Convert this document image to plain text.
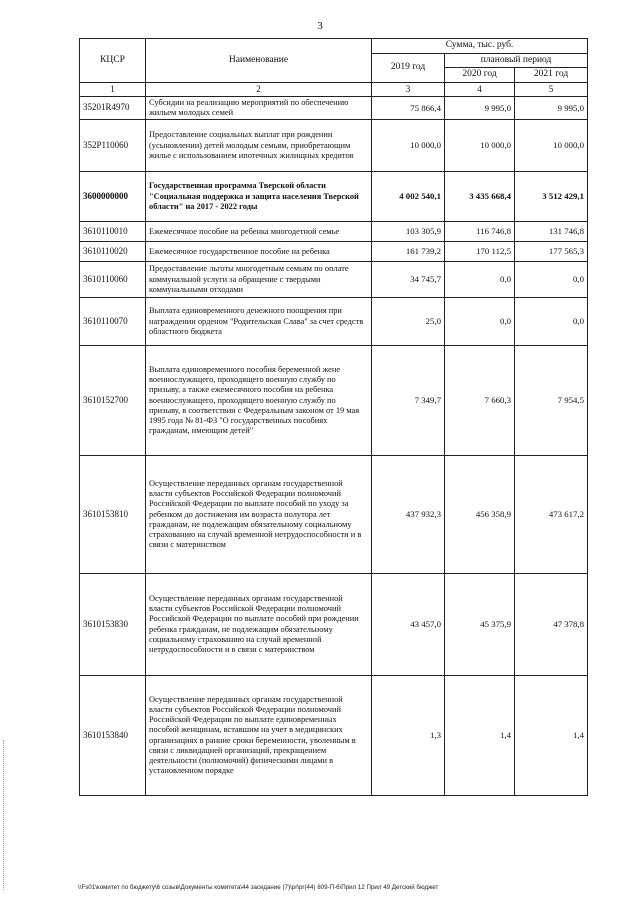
3
КЦСР	Наименование	Сумма, тыс. руб.		
		2019 год	плановый период	
			2020 год	2021 год
1	2	3	4	5
35201R4970	Субсидии на реализацию мероприятий по обеспечению жильем молодых семей	75 866,4	9 995,0	9 995,0
352P110060	Предоставление социальных выплат при рождении (усыновлении) детей молодым семьям, приобретающим жилье с использованием ипотечных жилищных кредитов	10 000,0	10 000,0	10 000,0
3600000000	Государственная программа Тверской области "Социальная поддержка и защита населения Тверской области" на 2017 - 2022 годы	4 002 540,1	3 435 668,4	3 512 429,1
3610110010	Ежемесячное пособие на ребенка многодетной семье	103 305,9	116 746,8	131 746,8
3610110020	Ежемесячное государственное пособие на ребенка	161 739,2	170 112,5	177 565,3
3610110060	Предоставление льготы многодетным семьям по оплате коммунальной услуги за обращение с твердыми коммунальными отходами	34 745,7	0,0	0,0
3610110070	Выплата единовременного денежного поощрения при награждении орденом "Родительская Слава" за счет средств областного бюджета	25,0	0,0	0,0
3610152700	Выплата единовременного пособия беременной жене военнослужащего, проходящего военную службу по призыву, а также ежемесячного пособия на ребенка военнослужащего, проходящего военную службу по призыву, в соответствии с Федеральным законом от 19 мая 1995 года № 81-ФЗ "О государственных пособиях гражданам, имеющим детей"	7 349,7	7 660,3	7 954,5
3610153810	Осуществление переданных органам государственной власти субъектов Российской Федерации полномочий Российской Федерации по выплате пособий по уходу за ребенком до достижения им возраста полутора лет гражданам, не подлежащим обязательному социальному страхованию на случай временной нетрудоспособности и в связи с материнством	437 932,3	456 358,9	473 617,2
3610153830	Осуществление переданных органам государственной власти субъектов Российской Федерации полномочий Российской Федерации по выплате пособий при рождении ребенка гражданам, не подлежащим обязательному социальному страхованию на случай временной нетрудоспособности и в связи с материнством	43 457,0	45 375,9	47 378,8
3610153840	Осуществление переданных органам государственной власти субъектов Российской Федерации полномочий Российской Федерации по выплате единовременных пособий женщинам, вставшим на учет в медицинских организациях в ранние сроки беременности, уволенным в связи с ликвидацией организаций, прекращением деятельности (полномочий) физическими лицами в установленном порядке	1,3	1,4	1,4
\\Fs01\комитет по бюджету\6 созыв\Документы комитета\44 заседание (7)\pr\pr(44) 809-П-6\Прил 12 Прил 49 Детский бюджет
